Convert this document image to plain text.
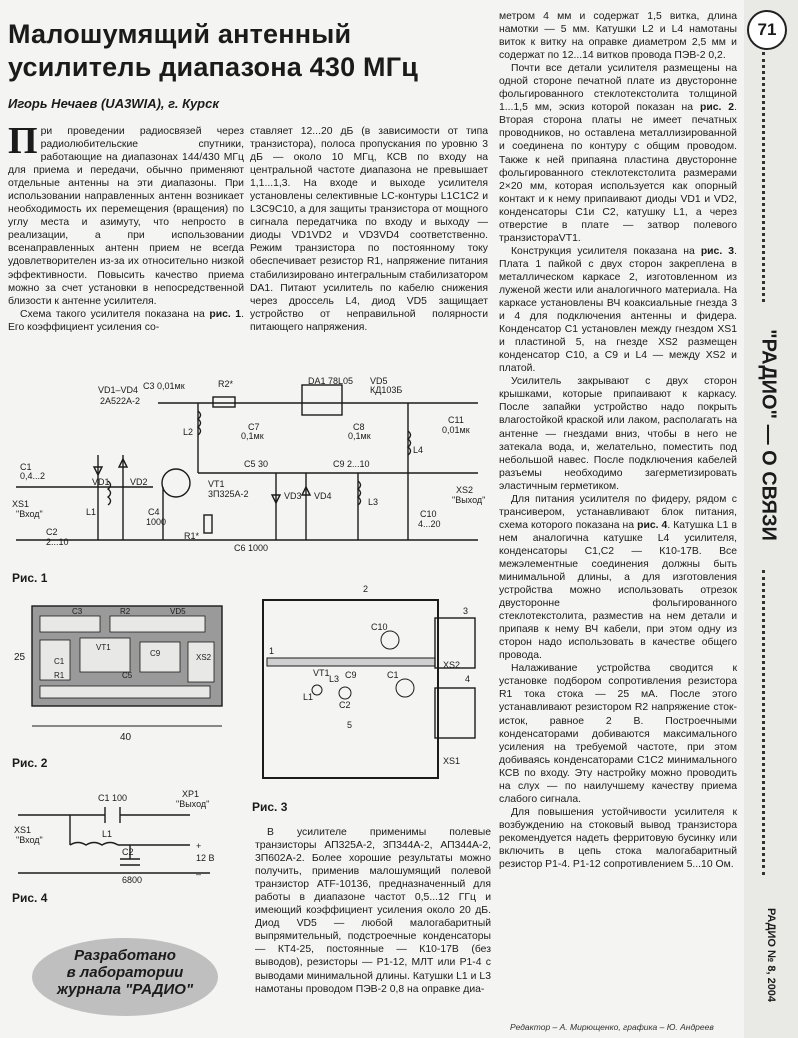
Малошумящий антенный
усилитель диапазона 430 МГц
Игорь Нечаев (UA3WIA), г. Курск

При проведении радиосвязей через радиолюбительские спутники, работающие на диапазонах 144/430 МГц для приема и передачи, обычно применяют отдельные антенны на эти диапазоны. При использовании направленных антенн возникает необходимость их перемещения (вращения) по углу места и азимуту, что непросто в реализации, а при использовании всенаправленных антенн прием не всегда удовлетворителен из-за их относительно низкой эффективности. Повысить качество приема можно за счет установки в непосредственной близости к антенне усилителя.

Схема такого усилителя показана на рис. 1. Его коэффициент усиления со-

ставляет 12...20 дБ (в зависимости от типа транзистора), полоса пропускания по уровню 3 дБ — около 10 МГц, КСВ по входу на центральной частоте диапазона не превышает 1,1...1,3. На входе и выходе усилителя установлены селективные LC-контуры L1C1C2 и L3C9C10, а для защиты транзистора от мощного сигнала передатчика по входу и выходу — диоды VD1VD2 и VD3VD4 соответственно. Режим транзистора по постоянному току обеспечивает резистор R1, напряжение питания стабилизировано интегральным стабилизатором DA1. Питают усилитель по кабелю снижения через дроссель L4, диод VD5 защищает устройство от неправильной полярности питающего напряжения.

В усилителе применимы полевые транзисторы АП325А-2, 3П344А-2, АП344А-2, 3П602А-2. Более хорошие результаты можно получить, применив малошумящий полевой транзистор ATF-10136, предназначенный для работы в диапазоне частот 0,5...12 ГГц и имеющий коэффициент усиления около 20 дБ. Диод VD5 — любой малогабаритный выпрямительный, подстроечные конденсаторы — КТ4-25, постоянные — К10-17В (без выводов), резисторы — Р1-12, МЛТ или Р1-4 с выводами минимальной длины. Катушки L1 и L3 намотаны проводом ПЭВ-2 0,8 на оправке диа-

метром 4 мм и содержат 1,5 витка, длина намотки — 5 мм. Катушки L2 и L4 намотаны виток к витку на оправке диаметром 2,5 мм и содержат по 12...14 витков провода ПЭВ-2 0,2.

Почти все детали усилителя размещены на одной стороне печатной плате из двусторонне фольгированного стеклотекстолита толщиной 1...1,5 мм, эскиз которой показан на рис. 2. Вторая сторона платы не имеет печатных проводников, но оставлена металлизированной и соединена по контуру с общим проводом. Также к ней припаяна пластина двусторонне фольгированного стеклотекстолита размерами 2×20 мм, которая используется как опорный контакт и к нему припаивают диоды VD1 и VD2, конденсаторы С1и С2, катушку L1, а через отверстие в плате — затвор полевого транзистораVT1.

Конструкция усилителя показана на рис. 3. Плата 1 пайкой с двух сторон закреплена в металлическом каркасе 2, изготовленном из луженой жести или аналогичного материала. На каркасе установлены ВЧ коаксиальные гнезда 3 и 4 для подключения антенны и фидера. Конденсатор С1 установлен между гнездом XS1 и пластиной 5, на гнезде XS2 размещен конденсатор С10, а С9 и L4 — между XS2 и платой.

Усилитель закрывают с двух сторон крышками, которые припаивают к каркасу. После запайки устройство надо покрыть влагостойкой краской или лаком, располагать на антенне — гнездами вниз, чтобы в него не затекала вода, и, желательно, поместить под небольшой навес. После подключения кабелей разъемы необходимо загерметизировать эластичным герметиком.

Для питания усилителя по фидеру, рядом с трансивером, устанавливают блок питания, схема которого показана на рис. 4. Катушка L1 в нем аналогична катушке L4 усилителя, конденсаторы С1,С2 — К10-17В. Все межэлементные соединения должны быть минимальной длины, а для изготовления устройства можно использовать отрезок двусторонне фольгированного стеклотекстолита, разместив на нем детали и припаяв к нему ВЧ кабели, при этом одну из сторон надо использовать в качестве общего провода.

Налаживание устройства сводится к установке подбором сопротивления резистора R1 тока стока — 25 мА. После этого устанавливают резистором R2 напряжение сток-исток, равное 2 В. Построечными конденсаторами добиваются максимального усиления на требуемой частоте, при этом добиваясь конденсаторами С1С2 минимального КСВ по входу. Эту настройку можно проводить на слух — по наилучшему качеству приема слабого сигнала.

Для повышения устойчивости усилителя к возбуждению на стоковый вывод транзистора рекомендуется надеть ферритовую бусинку или включить в цепь стока малогабаритный резистор Р1-4. Р1-12 сопротивлением 5...10 Ом.

VD1–VD4
2А522А-2
С3 0,01мк	R2*	DA1 78L05 VD5
КД103Б
С11
0,01мк
С7
0,1мк
С8
0,1мк
L2
С5 30	С9 2...10
L4
С1
0,4...2
VD1 VD2
L1	С4
1000
VT1
3П325А-2	VD3 VD4
L3
С10
4...20
XS2
"Выход"
XS1
"Вход"
С2
2...10
R1*
С6 1000
Рис. 1
С3	R2	VD5
VT1
С9	XS2
С1
R1	С5
25
40
Рис. 2
2
3
4
1
С10
С1
XS2
XS1
VT1
L3 С9
L1
С2
5
Рис. 3
С1 100	XP1
"Выход"
XS1
"Вход"
L1
С2
6800
+
12 В
–
Рис. 4
Разработано
в лаборатории
журнала "РАДИО"
71
"РАДИО" — О СВЯЗИ
РАДИО № 8, 2004
Редактор – А. Мирющенко, графика – Ю. Андреев
